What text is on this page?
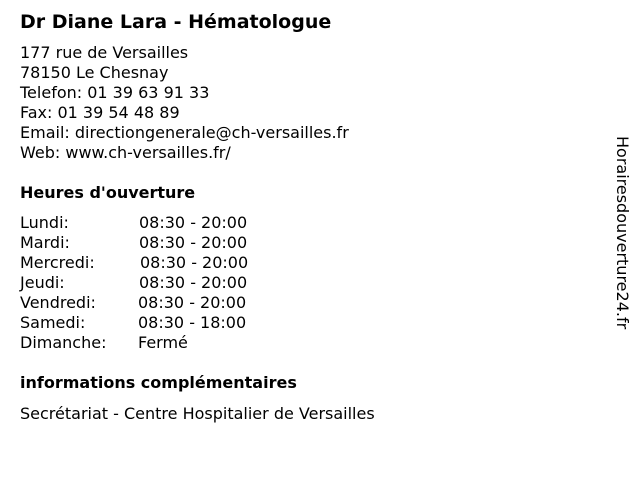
Dr Diane Lara - Hématologue
177 rue de Versailles
78150 Le Chesnay
Telefon: 01 39 63 91 33
Fax: 01 39 54 48 89
Email: directiongenerale@ch-versailles.fr
Web: www.ch-versailles.fr/
Heures d'ouverture
Lundi:	08:30 - 20:00
Mardi:	08:30 - 20:00
Mercredi:	08:30 - 20:00
Jeudi:	08:30 - 20:00
Vendredi:	08:30 - 20:00
Samedi:	08:30 - 18:00
Dimanche: Fermé
informations complémentaires
Secrétariat - Centre Hospitalier de Versailles
Horairesdouverture24.fr
